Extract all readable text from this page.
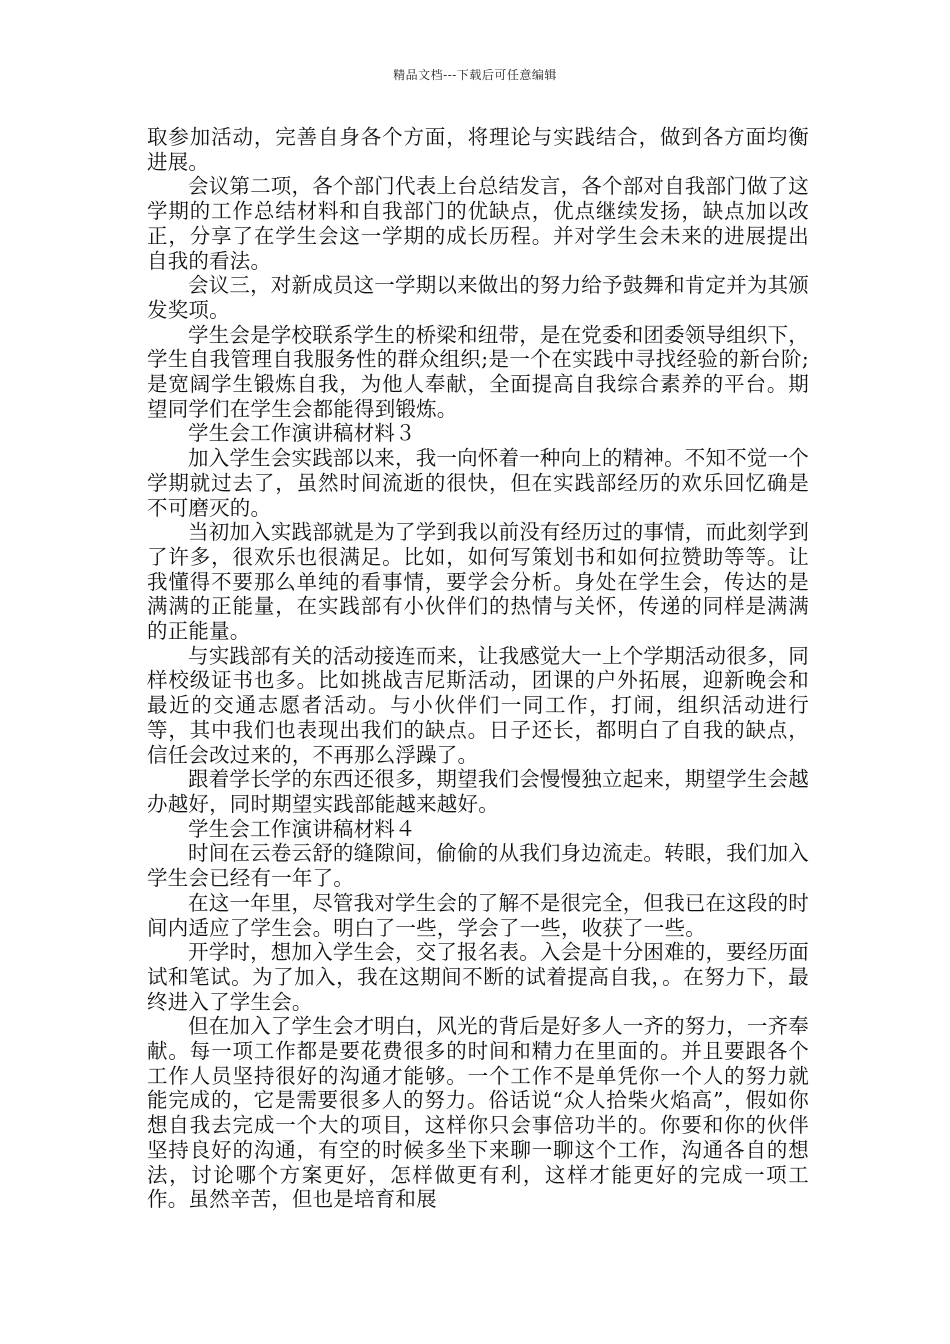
精品文档---下载后可任意编辑

取参加活动，完善自身各个方面，将理论与实践结合，做到各方面均衡进展。

会议第二项，各个部门代表上台总结发言，各个部对自我部门做了这学期的工作总结材料和自我部门的优缺点，优点继续发扬，缺点加以改正，分享了在学生会这一学期的成长历程。并对学生会未来的进展提出自我的看法。

会议三，对新成员这一学期以来做出的努力给予鼓舞和肯定并为其颁发奖项。

学生会是学校联系学生的桥梁和纽带，是在党委和团委领导组织下，学生自我管理自我服务性的群众组织;是一个在实践中寻找经验的新台阶;是宽阔学生锻炼自我，为他人奉献，全面提高自我综合素养的平台。期望同学们在学生会都能得到锻炼。

学生会工作演讲稿材料３

加入学生会实践部以来，我一向怀着一种向上的精神。不知不觉一个学期就过去了，虽然时间流逝的很快，但在实践部经历的欢乐回忆确是不可磨灭的。

当初加入实践部就是为了学到我以前没有经历过的事情，而此刻学到了许多，很欢乐也很满足。比如，如何写策划书和如何拉赞助等等。让我懂得不要那么单纯的看事情，要学会分析。身处在学生会，传达的是满满的正能量，在实践部有小伙伴们的热情与关怀，传递的同样是满满的正能量。

与实践部有关的活动接连而来，让我感觉大一上个学期活动很多，同样校级证书也多。比如挑战吉尼斯活动，团课的户外拓展，迎新晚会和最近的交通志愿者活动。与小伙伴们一同工作，打闹，组织活动进行等，其中我们也表现出我们的缺点。日子还长，都明白了自我的缺点，信任会改过来的，不再那么浮躁了。

跟着学长学的东西还很多，期望我们会慢慢独立起来，期望学生会越办越好，同时期望实践部能越来越好。

学生会工作演讲稿材料４

时间在云卷云舒的缝隙间，偷偷的从我们身边流走。转眼，我们加入学生会已经有一年了。

在这一年里，尽管我对学生会的了解不是很完全，但我已在这段的时间内适应了学生会。明白了一些，学会了一些，收获了一些。

开学时，想加入学生会，交了报名表。入会是十分困难的，要经历面试和笔试。为了加入，我在这期间不断的试着提高自我，。在努力下，最终进入了学生会。

但在加入了学生会才明白，风光的背后是好多人一齐的努力，一齐奉献。每一项工作都是要花费很多的时间和精力在里面的。并且要跟各个工作人员坚持很好的沟通才能够。一个工作不是单凭你一个人的努力就能完成的，它是需要很多人的努力。俗话说“众人拾柴火焰高”，假如你想自我去完成一个大的项目，这样你只会事倍功半的。你要和你的伙伴坚持良好的沟通，有空的时候多坐下来聊一聊这个工作，沟通各自的想法，讨论哪个方案更好，怎样做更有利，这样才能更好的完成一项工作。虽然辛苦，但也是培育和展
